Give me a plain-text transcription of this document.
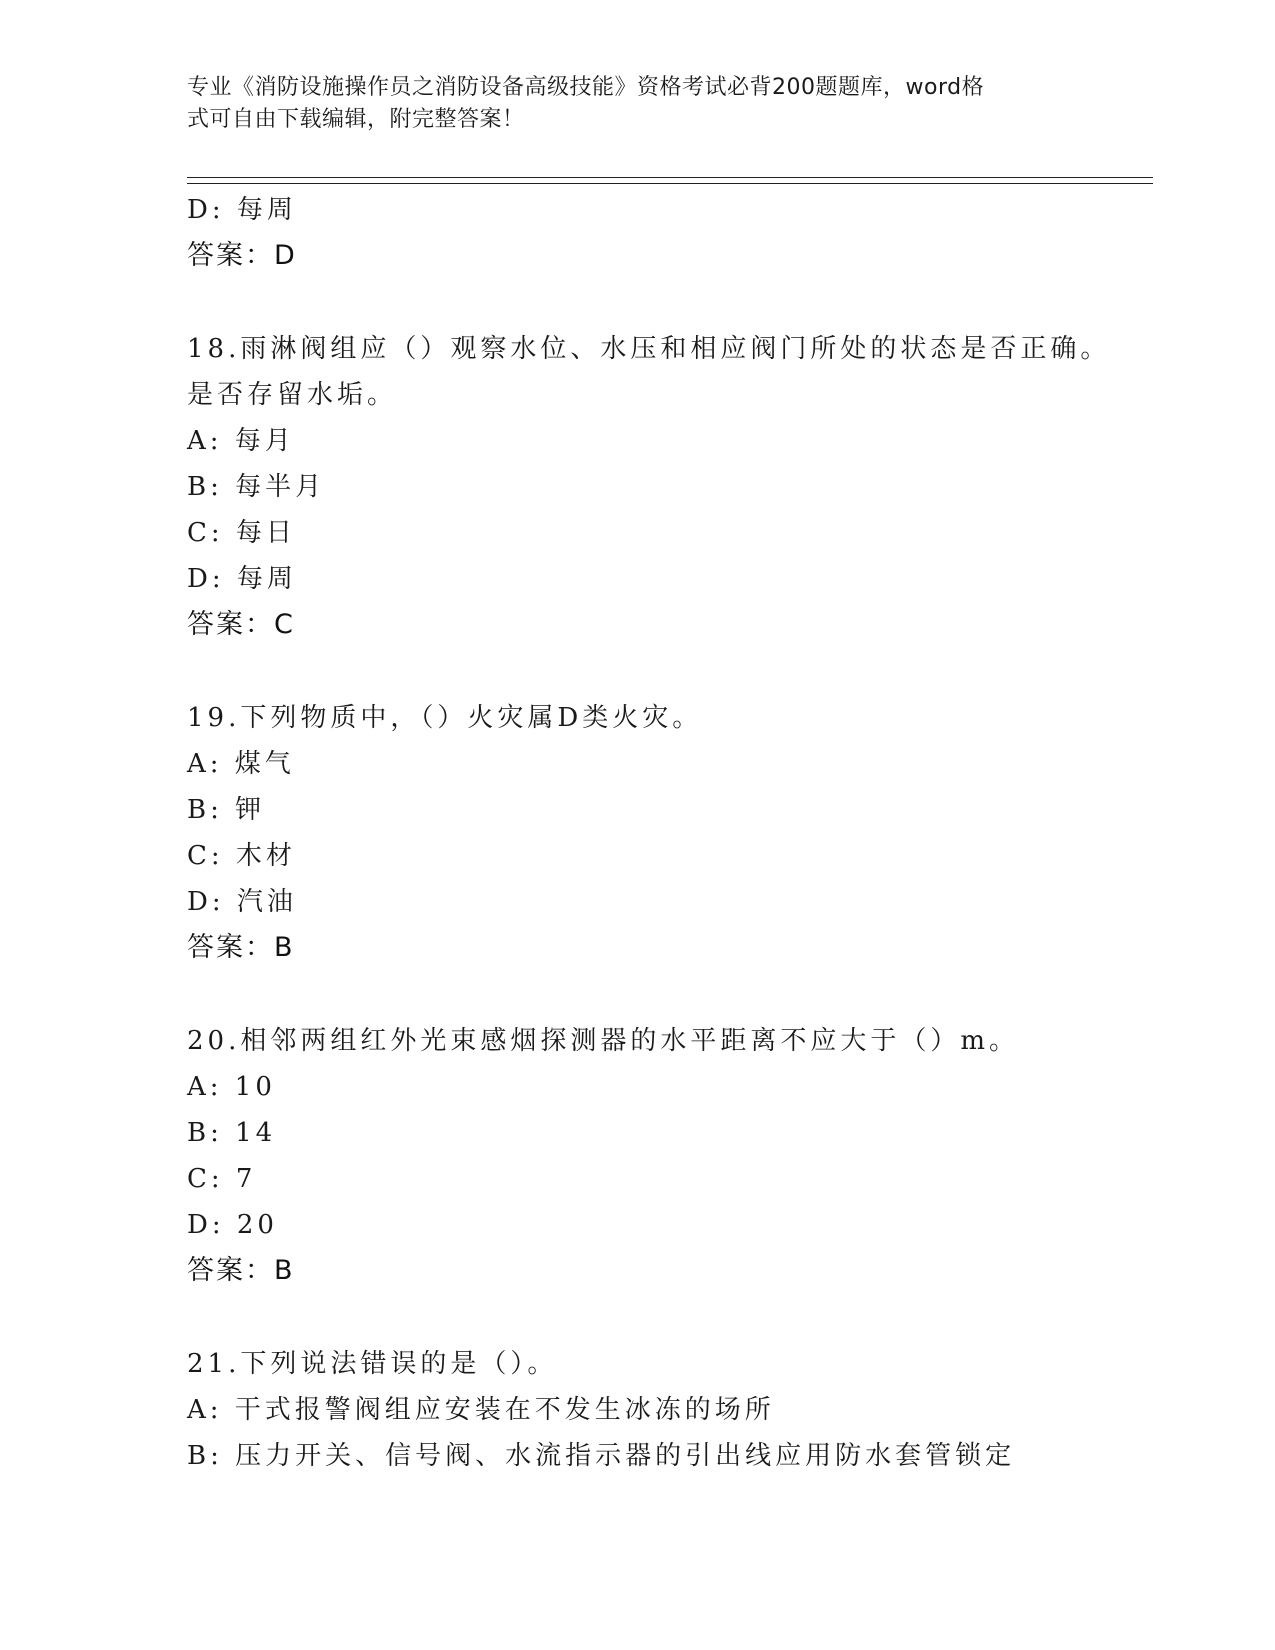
专业《消防设施操作员之消防设备高级技能》资格考试必背200题题库，word格
式可自由下载编辑，附完整答案！
D: 每周
答案：D
18.雨淋阀组应（）观察水位、水压和相应阀门所处的状态是否正确。
是否存留水垢。
A: 每月
B: 每半月
C: 每日
D: 每周
答案：C
19.下列物质中，（）火灾属D类火灾。
A: 煤气
B: 钾
C: 木材
D: 汽油
答案：B
20.相邻两组红外光束感烟探测器的水平距离不应大于（）m。
A: 10
B: 14
C: 7
D: 20
答案：B
21.下列说法错误的是（）。
A: 干式报警阀组应安装在不发生冰冻的场所
B: 压力开关、信号阀、水流指示器的引出线应用防水套管锁定
